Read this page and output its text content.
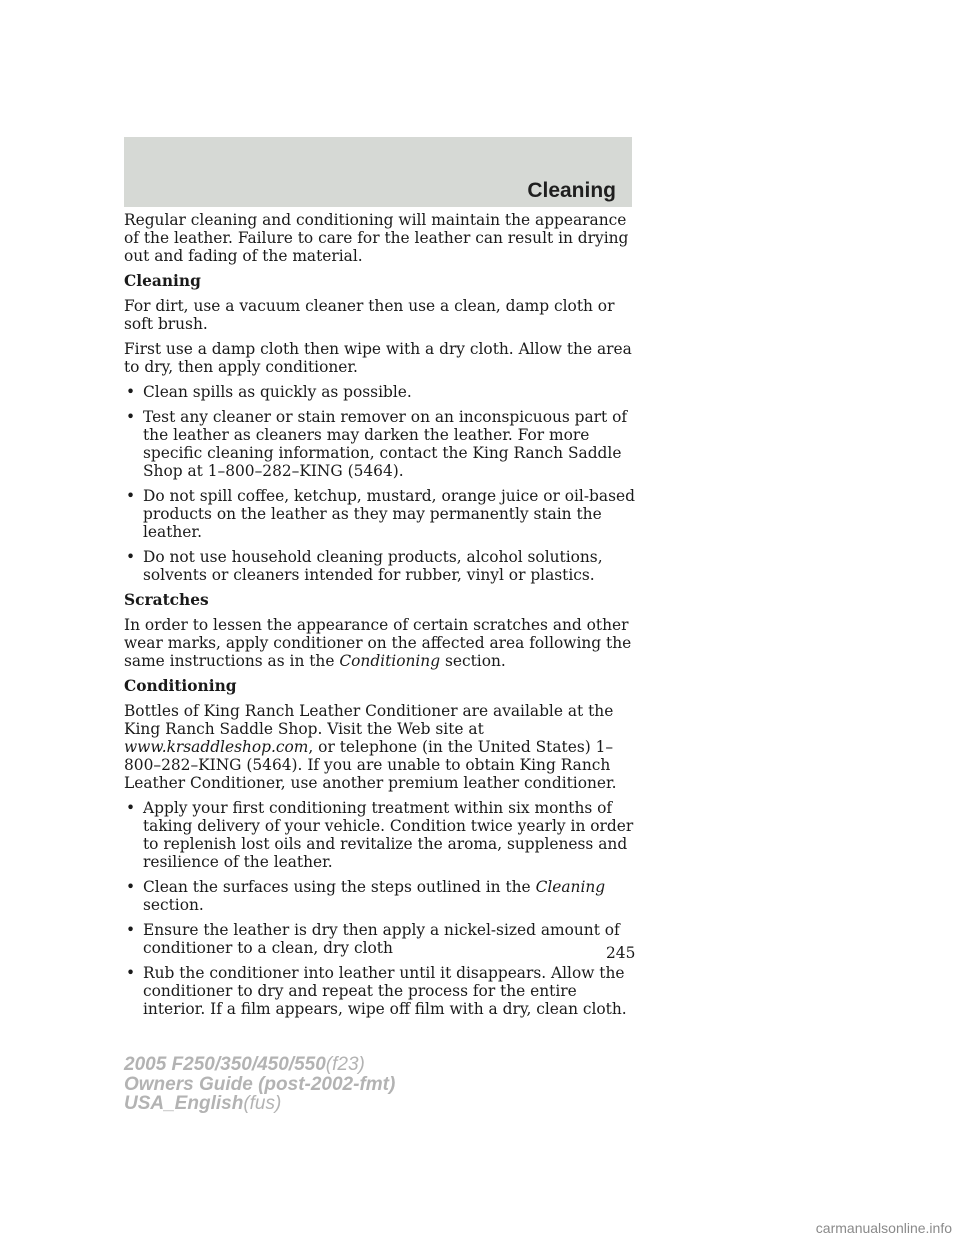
Cleaning

Regular cleaning and conditioning will maintain the appearance of the leather. Failure to care for the leather can result in drying out and fading of the material.

Cleaning

For dirt, use a vacuum cleaner then use a clean, damp cloth or soft brush.

First use a damp cloth then wipe with a dry cloth. Allow the area to dry, then apply conditioner.

• Clean spills as quickly as possible.
• Test any cleaner or stain remover on an inconspicuous part of the leather as cleaners may darken the leather. For more specific cleaning information, contact the King Ranch Saddle Shop at 1–800–282–KING (5464).
• Do not spill coffee, ketchup, mustard, orange juice or oil-based products on the leather as they may permanently stain the leather.
• Do not use household cleaning products, alcohol solutions, solvents or cleaners intended for rubber, vinyl or plastics.
Scratches

In order to lessen the appearance of certain scratches and other wear marks, apply conditioner on the affected area following the same instructions as in the Conditioning section.

Conditioning

Bottles of King Ranch Leather Conditioner are available at the King Ranch Saddle Shop. Visit the Web site at www.krsaddleshop.com, or telephone (in the United States) 1–800–282–KING (5464). If you are unable to obtain King Ranch Leather Conditioner, use another premium leather conditioner.

• Apply your first conditioning treatment within six months of taking delivery of your vehicle. Condition twice yearly in order to replenish lost oils and revitalize the aroma, suppleness and resilience of the leather.
• Clean the surfaces using the steps outlined in the Cleaning section.
• Ensure the leather is dry then apply a nickel-sized amount of conditioner to a clean, dry cloth
• Rub the conditioner into leather until it disappears. Allow the conditioner to dry and repeat the process for the entire interior. If a film appears, wipe off film with a dry, clean cloth.
245
2005 F250/350/450/550(f23)
Owners Guide (post-2002-fmt)
USA_English(fus)
carmanualsonline.info
